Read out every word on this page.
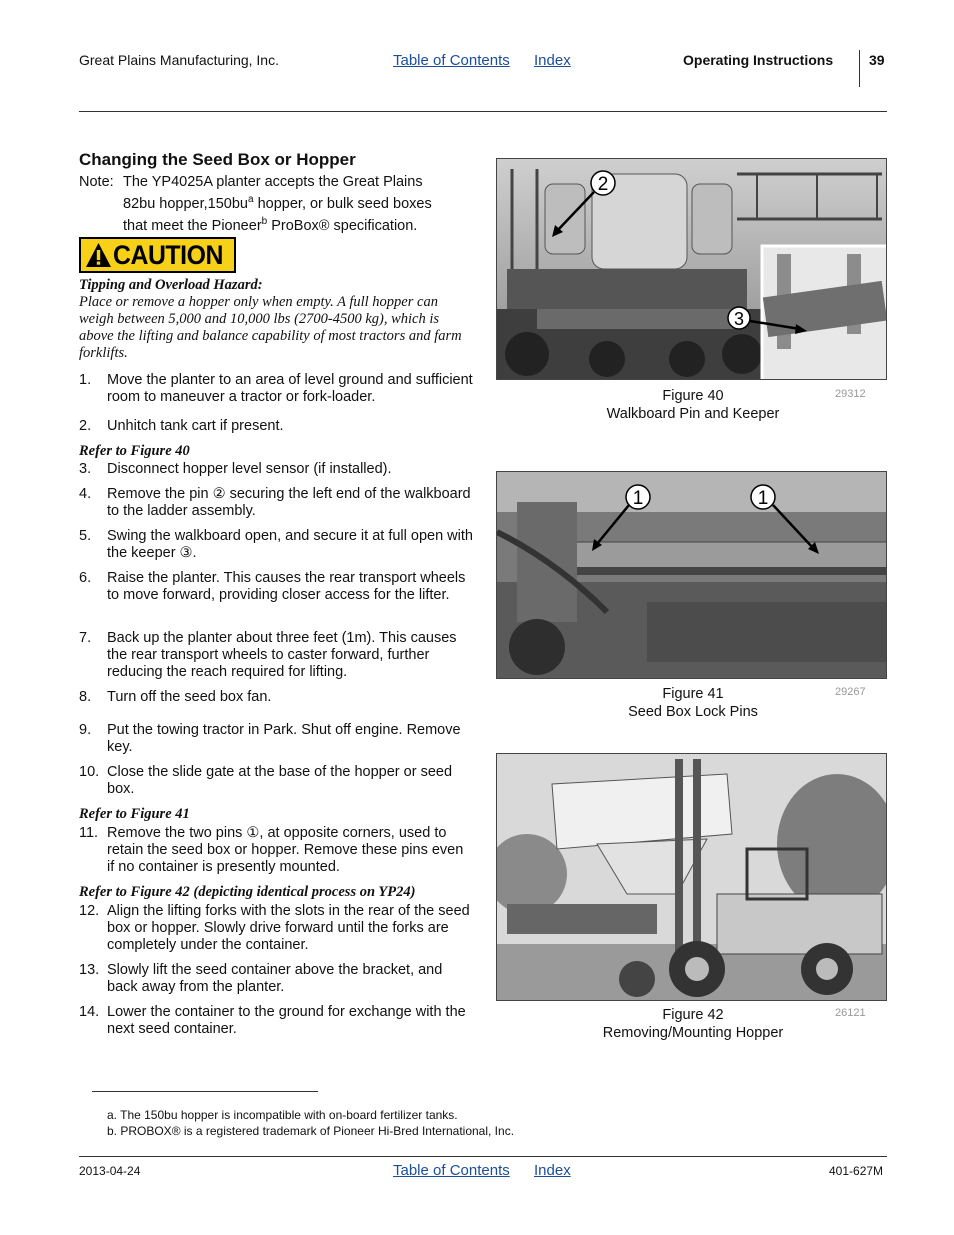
Great Plains Manufacturing, Inc.	Table of Contents Index	Operating Instructions	39
Changing the Seed Box or Hopper
Note: The YP4025A planter accepts the Great Plains
82bu $hopper,150bu^a$ hopper, or bulk seed boxes
that meet the Pioneer$^b$ ProBox® specification.
CAUTION
Tipping and Overload Hazard:
Place or remove a hopper only when empty. A full hopper can weigh between 5,000 and 10,000 lbs (2700-4500 kg), which is above the lifting and balance capability of most tractors and farm forklifts.
1. Move the planter to an area of level ground and sufficient room to maneuver a tractor or fork-loader.
2. Unhitch tank cart if present.
Refer to Figure 40
3. Disconnect hopper level sensor (if installed).
4. Remove the pin ② securing the left end of the walkboard to the ladder assembly.
5. Swing the walkboard open, and secure it at full open with the keeper ③.
6. Raise the planter. This causes the rear transport wheels to move forward, providing closer access for the lifter.
7. Back up the planter about three feet (1m). This causes the rear transport wheels to caster forward, further reducing the reach required for lifting.
8. Turn off the seed box fan.
9. Put the towing tractor in Park. Shut off engine. Remove key.
10. Close the slide gate at the base of the hopper or seed box.
Refer to Figure 41
11. Remove the two pins ①, at opposite corners, used to retain the seed box or hopper. Remove these pins even if no container is presently mounted.
Refer to Figure 42 (depicting identical process on YP24)
12. Align the lifting forks with the slots in the rear of the seed box or hopper. Slowly drive forward until the forks are completely under the container.
13. Slowly lift the seed container above the bracket, and back away from the planter.
14. Lower the container to the ground for exchange with the next seed container.
2
3
Figure 40
Walkboard Pin and Keeper
29312
1	1
Figure 41
Seed Box Lock Pins
29267
Figure 42
Removing/Mounting Hopper
26121
a. The 150bu hopper is incompatible with on-board fertilizer tanks.
b. PROBOX® is a registered trademark of Pioneer Hi-Bred International, Inc.
2013-04-24	Table of Contents Index	401-627M
